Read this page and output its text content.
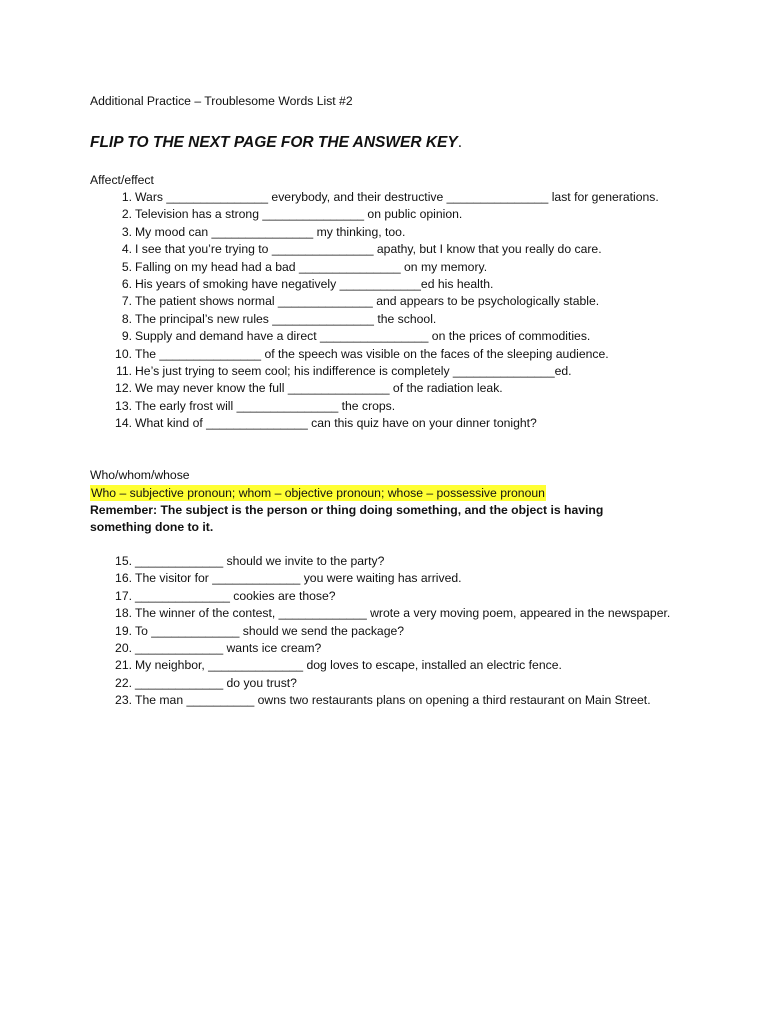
Additional Practice – Troublesome Words List #2
FLIP TO THE NEXT PAGE FOR THE ANSWER KEY.
Affect/effect
1. Wars _______________ everybody, and their destructive _______________ last for generations.
2. Television has a strong _______________ on public opinion.
3. My mood can _______________ my thinking, too.
4. I see that you’re trying to _______________ apathy, but I know that you really do care.
5. Falling on my head had a bad _______________ on my memory.
6. His years of smoking have negatively ____________ed his health.
7. The patient shows normal ______________ and appears to be psychologically stable.
8. The principal’s new rules _______________ the school.
9. Supply and demand have a direct ________________ on the prices of commodities.
10. The _______________ of the speech was visible on the faces of the sleeping audience.
11. He’s just trying to seem cool; his indifference is completely _______________ed.
12. We may never know the full _______________ of the radiation leak.
13. The early frost will _______________ the crops.
14. What kind of _______________ can this quiz have on your dinner tonight?
Who/whom/whose
Who – subjective pronoun; whom – objective pronoun; whose – possessive pronoun
Remember: The subject is the person or thing doing something, and the object is having something done to it.
15. _____________ should we invite to the party?
16. The visitor for _____________ you were waiting has arrived.
17. ______________ cookies are those?
18. The winner of the contest, _____________ wrote a very moving poem, appeared in the newspaper.
19. To _____________ should we send the package?
20. _____________ wants ice cream?
21. My neighbor, ______________ dog loves to escape, installed an electric fence.
22. _____________ do you trust?
23. The man __________ owns two restaurants plans on opening a third restaurant on Main Street.
